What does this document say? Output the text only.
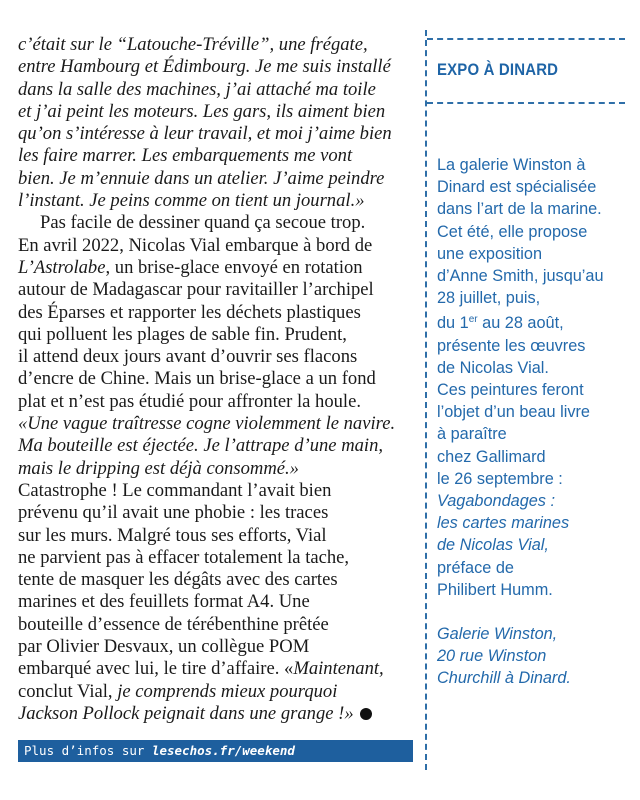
c’était sur le “Latouche-Tréville”, une frégate,
entre Hambourg et Édimbourg. Je me suis installé
dans la salle des machines, j’ai attaché ma toile
et j’ai peint les moteurs. Les gars, ils aiment bien
qu’on s’intéresse à leur travail, et moi j’aime bien
les faire marrer. Les embarquements me vont
bien. Je m’ennuie dans un atelier. J’aime peindre
l’instant. Je peins comme on tient un journal.»

Pas facile de dessiner quand ça secoue trop.
En avril 2022, Nicolas Vial embarque à bord de
L’Astrolabe, un brise-glace envoyé en rotation
autour de Madagascar pour ravitailler l’archipel
des Éparses et rapporter les déchets plastiques
qui polluent les plages de sable fin. Prudent,
il attend deux jours avant d’ouvrir ses flacons
d’encre de Chine. Mais un brise-glace a un fond
plat et n’est pas étudié pour affronter la houle.
«Une vague traîtresse cogne violemment le navire.
Ma bouteille est éjectée. Je l’attrape d’une main,
mais le dripping est déjà consommé.»
Catastrophe ! Le commandant l’avait bien
prévenu qu’il avait une phobie : les traces
sur les murs. Malgré tous ses efforts, Vial
ne parvient pas à effacer totalement la tache,
tente de masquer les dégâts avec des cartes
marines et des feuillets format A4. Une
bouteille d’essence de térébenthine prêtée
par Olivier Desvaux, un collègue POM
embarqué avec lui, le tire d’affaire. «Maintenant,
conclut Vial, je comprends mieux pourquoi
Jackson Pollock peignait dans une grange !»

EXPO À DINARD

La galerie Winston à
Dinard est spécialisée
dans l’art de la marine.
Cet été, elle propose
une exposition
d’Anne Smith, jusqu’au
28 juillet, puis,
du 1er au 28 août,
présente les œuvres
de Nicolas Vial.
Ces peintures feront
l’objet d’un beau livre
à paraître
chez Gallimard
le 26 septembre :
Vagabondages :
les cartes marines
de Nicolas Vial,
préface de
Philibert Humm.

Galerie Winston,
20 rue Winston
Churchill à Dinard.

Plus d’infos sur lesechos.fr/weekend
